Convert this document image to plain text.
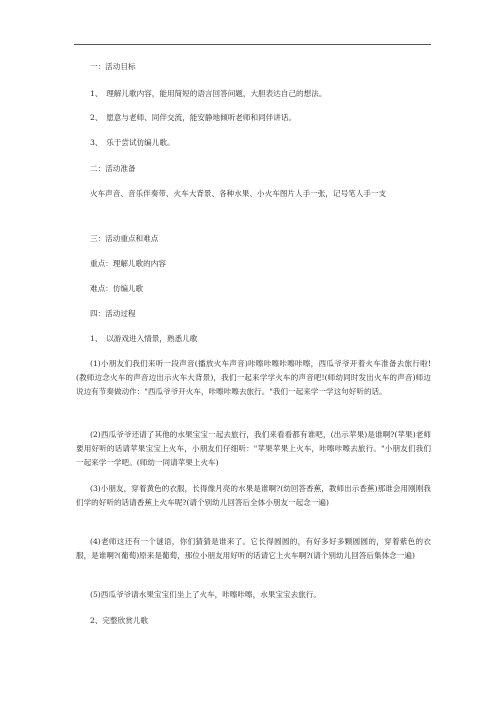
一：活动目标
1、　理解儿歌内容，能用简短的语言回答问题，大胆表达自己的想法。
2、　愿意与老师、同伴交流，能安静地倾听老师和同伴讲话。
3、　乐于尝试仿编儿歌。
二：活动准备
火车声音、音乐伴奏带、火车大背景、各种水果、小火车图片人手一张，记号笔人手一支
三：活动重点和难点
重点：理解儿歌的内容
难点：仿编儿歌
四：活动过程
1、　以游戏进入情景，熟悉儿歌
(1)小朋友们我们来听一段声音(播放火车声音)咔嚓咔嚓咔嚓咔嚓，西瓜爷爷开着火车准备去旅行啦!(教师边念火车的声音边出示火车大背景)，我们一起来学学火车的声音吧!(师幼同时发出火车的声音)师边说边有节奏做动作："西瓜爷爷开火车，咔嚓咔嚓去旅行。"我们一起来学一学这句好听的话。
(2)西瓜爷爷还请了其他的水果宝宝一起去旅行，我们来看看都有谁吧，(出示苹果)是谁啊?(苹果)老师要用好听的话请苹果宝宝上火车，小朋友们仔细听："苹果苹果上火车，咔嚓咔嚓去旅行。"小朋友们我们一起来学一学吧。(师幼一同请苹果上火车)
(3)小朋友，穿着黄色的衣服，长得像月亮的水果是谁啊?(幼回答香蕉，教师出示香蕉)那谁会用刚刚我们学的好听的话请香蕉上火车呢?(请个别幼儿回答后全体小朋友一起念一遍)
(4)老师这还有一个谜语，你们猜猜是谁来了。它长得圆圆的，有好多好多颗圆圆的，穿着紫色的衣服，是谁啊?(葡萄)原来是葡萄，那位小朋友用好听的话请它上火车啊?(请个别幼儿回答后集体念一遍)
(5)西瓜爷爷请水果宝宝们坐上了火车，咔嚓咔嚓，水果宝宝去旅行。
2、完整欣赏儿歌
